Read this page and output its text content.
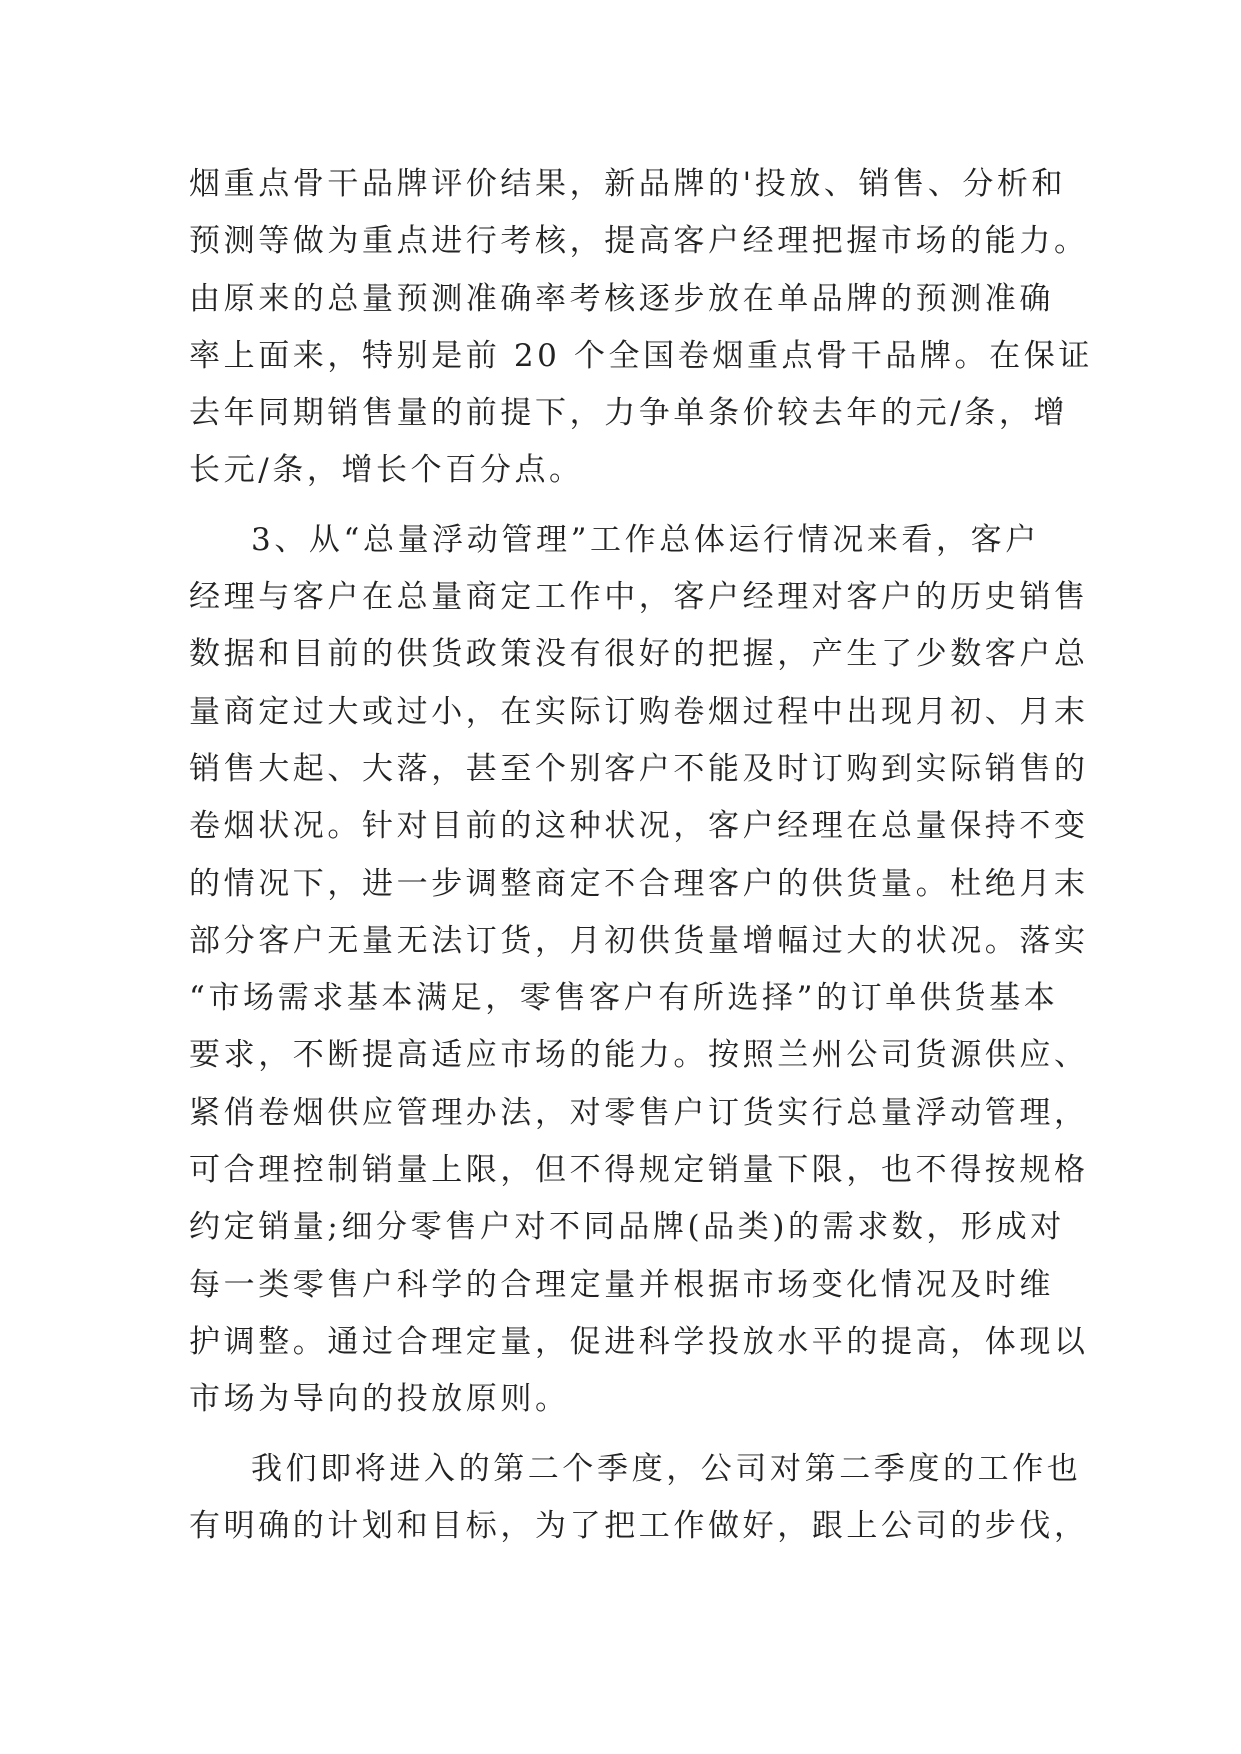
烟重点骨干品牌评价结果，新品牌的'投放、销售、分析和
预测等做为重点进行考核，提高客户经理把握市场的能力。
由原来的总量预测准确率考核逐步放在单品牌的预测准确
率上面来，特别是前 20 个全国卷烟重点骨干品牌。在保证
去年同期销售量的前提下，力争单条价较去年的元/条，增
长元/条，增长个百分点。
3、从“总量浮动管理”工作总体运行情况来看，客户
经理与客户在总量商定工作中，客户经理对客户的历史销售
数据和目前的供货政策没有很好的把握，产生了少数客户总
量商定过大或过小，在实际订购卷烟过程中出现月初、月末
销售大起、大落，甚至个别客户不能及时订购到实际销售的
卷烟状况。针对目前的这种状况，客户经理在总量保持不变
的情况下，进一步调整商定不合理客户的供货量。杜绝月末
部分客户无量无法订货，月初供货量增幅过大的状况。落实
“市场需求基本满足，零售客户有所选择”的订单供货基本
要求，不断提高适应市场的能力。按照兰州公司货源供应、
紧俏卷烟供应管理办法，对零售户订货实行总量浮动管理，
可合理控制销量上限，但不得规定销量下限，也不得按规格
约定销量;细分零售户对不同品牌(品类)的需求数，形成对
每一类零售户科学的合理定量并根据市场变化情况及时维
护调整。通过合理定量，促进科学投放水平的提高，体现以
市场为导向的投放原则。
我们即将进入的第二个季度，公司对第二季度的工作也
有明确的计划和目标，为了把工作做好，跟上公司的步伐，
